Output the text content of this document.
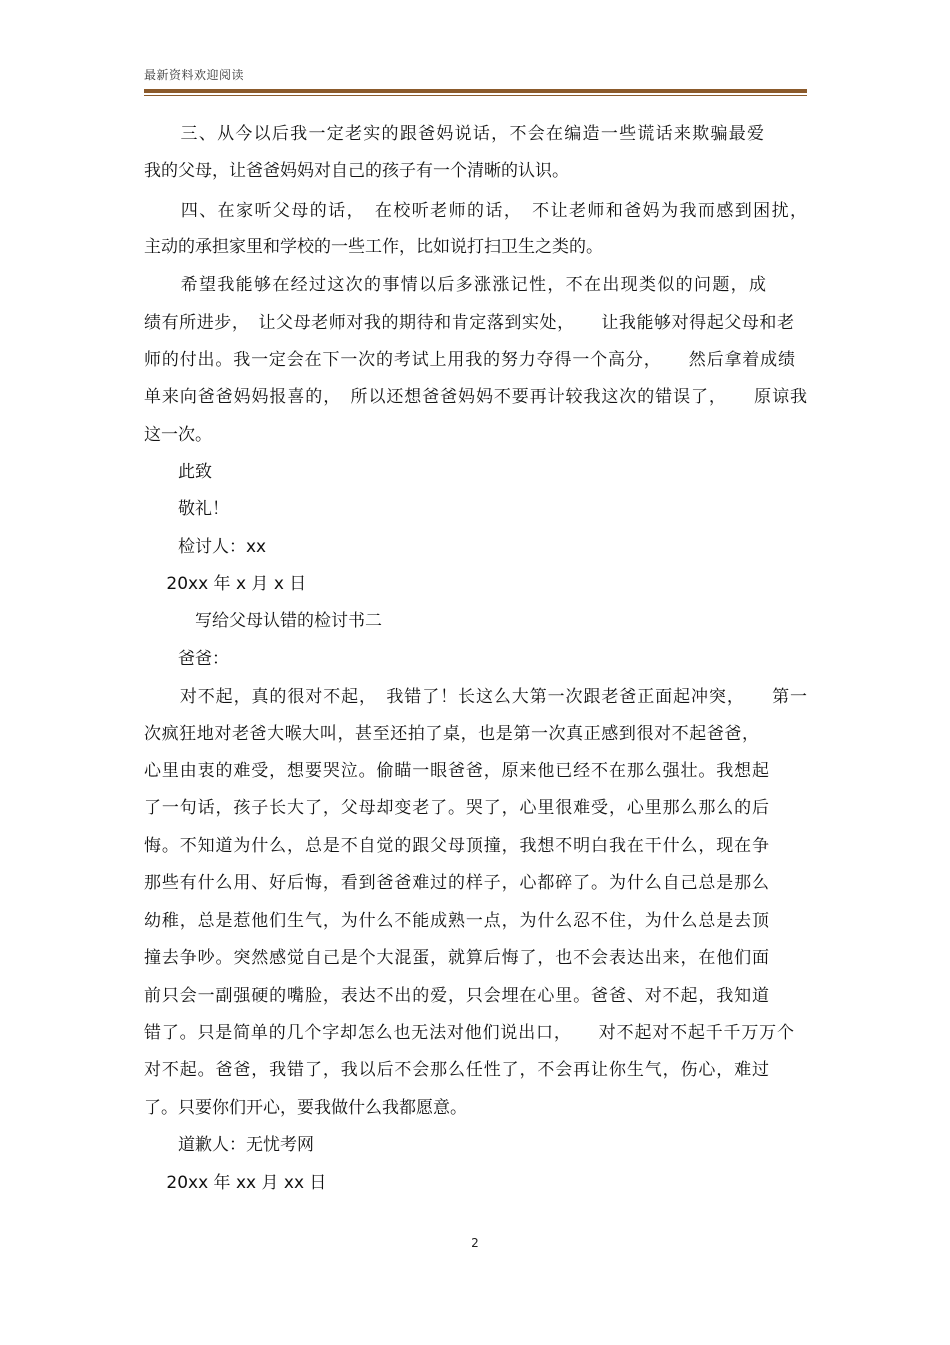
最新资料欢迎阅读
　　三、从今以后我一定老实的跟爸妈说话，不会在编造一些谎话来欺骗最爱
我的父母，让爸爸妈妈对自己的孩子有一个清晰的认识。
　　四、在家听父母的话，　在校听老师的话，　不让老师和爸妈为我而感到困扰，
主动的承担家里和学校的一些工作，比如说打扫卫生之类的。
　　希望我能够在经过这次的事情以后多涨涨记性，不在出现类似的问题，成
绩有所进步，　让父母老师对我的期待和肯定落到实处，　　让我能够对得起父母和老
师的付出。我一定会在下一次的考试上用我的努力夺得一个高分，　　然后拿着成绩
单来向爸爸妈妈报喜的，　所以还想爸爸妈妈不要再计较我这次的错误了，　　原谅我
这一次。
　　此致
　　敬礼！
　　检讨人：xx
　 20xx 年 x 月 x 日
　　　写给父母认错的检讨书二
　　爸爸：
　　对不起，真的很对不起，　我错了！长这么大第一次跟老爸正面起冲突，　　第一
次疯狂地对老爸大喉大叫，甚至还拍了桌，也是第一次真正感到很对不起爸爸，
心里由衷的难受，想要哭泣。偷瞄一眼爸爸，原来他已经不在那么强壮。我想起
了一句话，孩子长大了，父母却变老了。哭了，心里很难受，心里那么那么的后
悔。不知道为什么，总是不自觉的跟父母顶撞，我想不明白我在干什么，现在争
那些有什么用、好后悔，看到爸爸难过的样子，心都碎了。为什么自己总是那么
幼稚，总是惹他们生气，为什么不能成熟一点，为什么忍不住，为什么总是去顶
撞去争吵。突然感觉自己是个大混蛋，就算后悔了，也不会表达出来，在他们面
前只会一副强硬的嘴脸，表达不出的爱，只会埋在心里。爸爸、对不起，我知道
错了。只是简单的几个字却怎么也无法对他们说出口，　　对不起对不起千千万万个
对不起。爸爸，我错了，我以后不会那么任性了，不会再让你生气，伤心，难过
了。只要你们开心，要我做什么我都愿意。
　　道歉人：无忧考网
　 20xx 年 xx 月 xx 日
2
